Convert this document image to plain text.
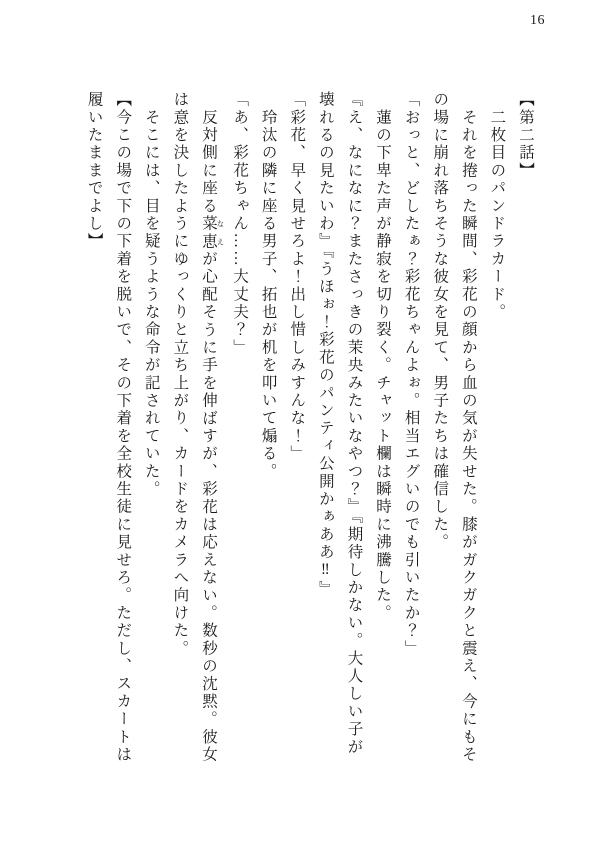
16

【第二話】

　二枚目のパンドラカード。

　それを捲った瞬間、彩花の顔から血の気が失せた。膝がガクガクと震え、今にもそ

の場に崩れ落ちそうな彼女を見て、男子たちは確信した。

「おっと、どしたぁ？彩花ちゃんよぉ。相当エグいのでも引いたか？」

　蓮の下卑た声が静寂を切り裂く。チャット欄は瞬時に沸騰した。

『え、なになに？またさっきの茉央みたいなやつ？』『期待しかない。大人しい子が

壊れるの見たいわ』『うほぉ！彩花のパンティ公開かぁああ‼』

「彩花、早く見せろよ！出し惜しみすんな！」

　玲汰の隣に座る男子、拓也が机を叩いて煽る。

「あ、彩花ちゃん……大丈夫？」

　反対側に座る菜恵 なえが心配そうに手を伸ばすが、彩花は応えない。数秒の沈黙。彼女

は意を決したようにゆっくりと立ち上がり、カードをカメラへ向けた。

　そこには、目を疑うような命令が記されていた。

【今この場で下の下着を脱いで、その下着を全校生徒に見せろ。ただし、スカートは

履いたままでよし】
